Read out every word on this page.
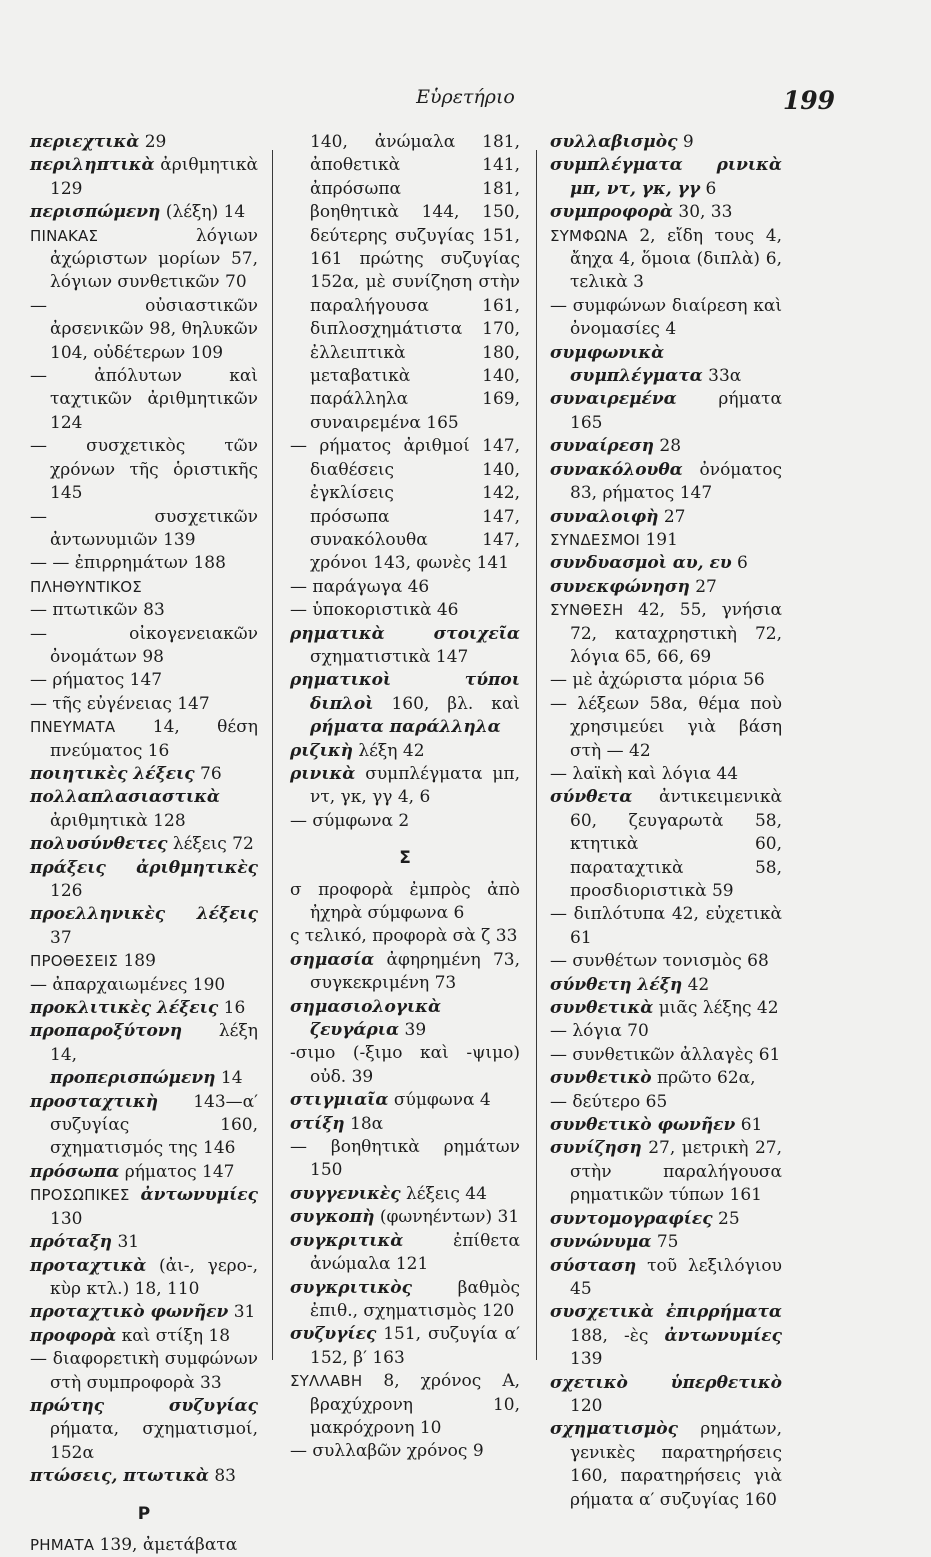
Εὑρετήριο	199

περιεχτικὰ 29

περιληπτικὰ ἀριθμητικὰ 129

περισπώμενη (λέξη) 14

ΠΙΝΑΚΑΣ λόγιων ἀχώριστων μορίων 57, λόγιων συνθετικῶν 70

— οὐσιαστικῶν ἀρσενικῶν 98, θηλυκῶν 104, οὐδέτερων 109

— ἀπόλυτων καὶ ταχτικῶν ἀριθμητικῶν 124

— συσχετικὸς τῶν χρόνων τῆς ὁριστικῆς 145

— συσχετικῶν ἀντωνυμιῶν 139

— — ἐπιρρημάτων 188

ΠΛΗΘΥΝΤΙΚΟΣ

— πτωτικῶν 83

— οἰκογενειακῶν ὀνομάτων 98

— ρήματος 147

— τῆς εὐγένειας 147

ΠΝΕΥΜΑΤΑ 14, θέση πνεύματος 16

ποιητικὲς λέξεις 76

πολλαπλασιαστικὰ ἀριθμητικὰ 128

πολυσύνθετες λέξεις 72

πράξεις ἀριθμητικὲς 126

προελληνικὲς λέξεις 37

ΠΡΟΘΕΣΕΙΣ 189

— ἀπαρχαιωμένες 190

προκλιτικὲς λέξεις 16

προπαροξύτονη λέξη 14,

προπερισπώμενη 14

προσταχτικὴ 143—α′ συζυγίας 160, σχηματισμός της 146

πρόσωπα ρήματος 147

ΠΡΟΣΩΠΙΚΕΣ ἀντωνυμίες 130

πρόταξη 31

προταχτικὰ (ἀι-, γερο-, κὺρ κτλ.) 18, 110

προταχτικὸ φωνῆεν 31

προφορὰ καὶ στίξη 18

— διαφορετικὴ συμφώνων στὴ συμπροφορὰ 33

πρώτης συζυγίας ρήματα, σχηματισμοί, 152α

πτώσεις, πτωτικὰ 83

Ρ

ΡΗΜΑΤΑ 139, ἀμετάβατα

140, ἀνώμαλα 181, ἀποθετικὰ 141, ἀπρόσωπα 181, βοηθητικὰ 144, 150, δεύτερης συζυγίας 151, 161 πρώτης συζυγίας 152α, μὲ συνίζηση στὴν παραλήγουσα 161, διπλοσχημάτιστα 170, ἐλλειπτικὰ 180, μεταβατικὰ 140, παράλληλα 169, συναιρεμένα 165

— ρήματος ἀριθμοί 147, διαθέσεις 140, ἐγκλίσεις 142, πρόσωπα 147, συνακόλουθα 147, χρόνοι 143, φωνὲς 141

— παράγωγα 46

— ὑποκοριστικὰ 46

ρηματικὰ στοιχεῖα σχηματιστικὰ 147

ρηματικοὶ τύποι διπλοὶ 160, βλ. καὶ ρήματα παράλληλα

ριζικὴ λέξη 42

ρινικὰ συμπλέγματα μπ, ντ, γκ, γγ 4, 6

— σύμφωνα 2

Σ

σ προφορὰ ἐμπρὸς ἀπὸ ἠχηρὰ σύμφωνα 6

ς τελικό, προφορὰ σὰ ζ 33

σημασία ἀφηρημένη 73, συγκεκριμένη 73

σημασιολογικὰ ζευγάρια 39

-σιμο (-ξιμο καὶ -ψιμο) οὐδ. 39

στιγμιαῖα σύμφωνα 4

στίξη 18α

— βοηθητικὰ ρημάτων 150

συγγενικὲς λέξεις 44

συγκοπὴ (φωνηέντων) 31

συγκριτικὰ ἐπίθετα ἀνώμαλα 121

συγκριτικὸς βαθμὸς ἐπιθ., σχηματισμὸς 120

συζυγίες 151, συζυγία α′ 152, β′ 163

ΣΥΛΛΑΒΗ 8, χρόνος Α, βραχύχρονη 10, μακρόχρονη 10

— συλλαβῶν χρόνος 9

συλλαβισμὸς 9

συμπλέγματα ρινικὰ μπ, ντ, γκ, γγ 6

συμπροφορὰ 30, 33

ΣΥΜΦΩΝΑ 2, εἴδη τους 4, ἄηχα 4, ὅμοια (διπλὰ) 6, τελικὰ 3

— συμφώνων διαίρεση καὶ ὀνομασίες 4

συμφωνικὰ συμπλέγματα 33α

συναιρεμένα ρήματα 165

συναίρεση 28

συνακόλουθα ὀνόματος 83, ρήματος 147

συναλοιφὴ 27

ΣΥΝΔΕΣΜΟΙ 191

συνδυασμοὶ αυ, ευ 6

συνεκφώνηση 27

ΣΥΝΘΕΣΗ 42, 55, γνήσια 72, καταχρηστικὴ 72, λόγια 65, 66, 69

— μὲ ἀχώριστα μόρια 56

— λέξεων 58α, θέμα ποὺ χρησιμεύει γιὰ βάση στὴ — 42

— λαϊκὴ καὶ λόγια 44

σύνθετα ἀντικειμενικὰ 60, ζευγαρωτὰ 58, κτητικὰ 60, παραταχτικὰ 58, προσδιοριστικὰ 59

— διπλότυπα 42, εὐχετικὰ 61

— συνθέτων τονισμὸς 68

σύνθετη λέξη 42

συνθετικὰ μιᾶς λέξης 42

— λόγια 70

— συνθετικῶν ἀλλαγὲς 61

συνθετικὸ πρῶτο 62α,

— δεύτερο 65

συνθετικὸ φωνῆεν 61

συνίζηση 27, μετρικὴ 27, στὴν παραλήγουσα ρηματικῶν τύπων 161

συντομογραφίες 25

συνώνυμα 75

σύσταση τοῦ λεξιλόγιου 45

συσχετικὰ ἐπιρρήματα 188, -ὲς ἀντωνυμίες 139

σχετικὸ ὑπερθετικὸ 120

σχηματισμὸς ρημάτων, γενικὲς παρατηρήσεις 160, παρατηρήσεις γιὰ ρήματα α′ συζυγίας 160
